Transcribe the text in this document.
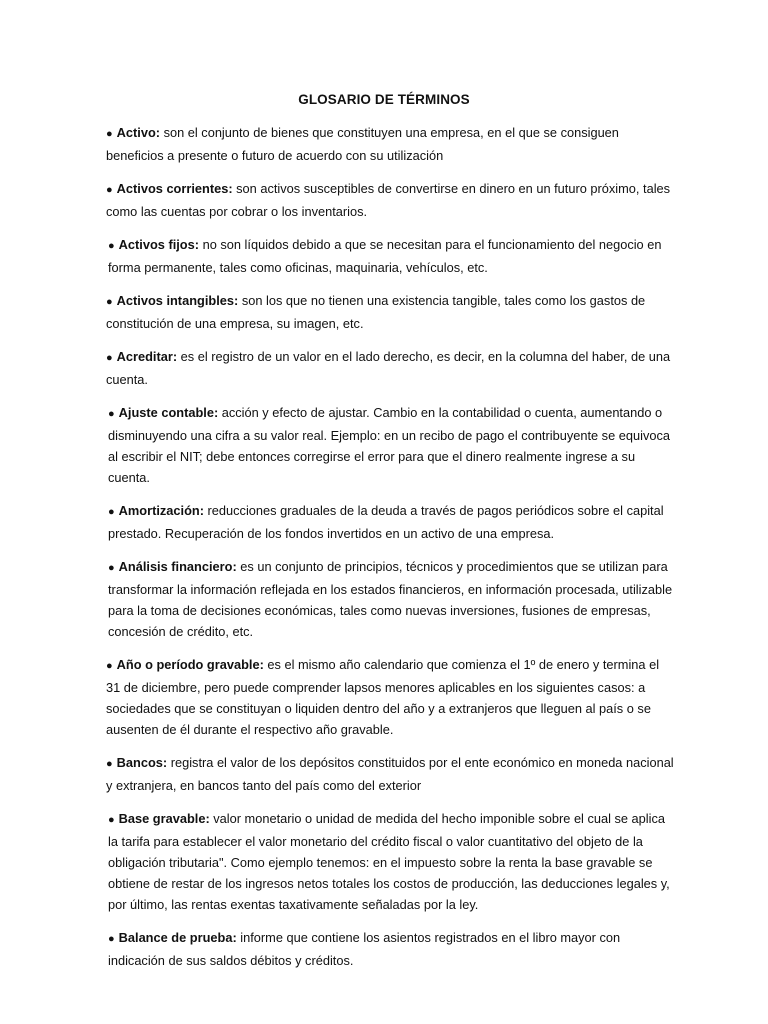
GLOSARIO DE TÉRMINOS

● Activo: son el conjunto de bienes que constituyen una empresa, en el que se consiguen beneficios a presente o futuro de acuerdo con su utilización

● Activos corrientes: son activos susceptibles de convertirse en dinero en un futuro próximo, tales como las cuentas por cobrar o los inventarios.

● Activos fijos: no son líquidos debido a que se necesitan para el funcionamiento del negocio en forma permanente, tales como oficinas, maquinaria, vehículos, etc.

● Activos intangibles: son los que no tienen una existencia tangible, tales como los gastos de constitución de una empresa, su imagen, etc.

● Acreditar: es el registro de un valor en el lado derecho, es decir, en la columna del haber, de una cuenta.

● Ajuste contable: acción y efecto de ajustar. Cambio en la contabilidad o cuenta, aumentando o disminuyendo una cifra a su valor real. Ejemplo: en un recibo de pago el contribuyente se equivoca al escribir el NIT; debe entonces corregirse el error para que el dinero realmente ingrese a su cuenta.

● Amortización: reducciones graduales de la deuda a través de pagos periódicos sobre el capital prestado. Recuperación de los fondos invertidos en un activo de una empresa.

● Análisis financiero: es un conjunto de principios, técnicos y procedimientos que se utilizan para transformar la información reflejada en los estados financieros, en información procesada, utilizable para la toma de decisiones económicas, tales como nuevas inversiones, fusiones de empresas, concesión de crédito, etc.

● Año o período gravable: es el mismo año calendario que comienza el 1º de enero y termina el 31 de diciembre, pero puede comprender lapsos menores aplicables en los siguientes casos: a sociedades que se constituyan o liquiden dentro del año y a extranjeros que lleguen al país o se ausenten de él durante el respectivo año gravable.

● Bancos: registra el valor de los depósitos constituidos por el ente económico en moneda nacional y extranjera, en bancos tanto del país como del exterior

● Base gravable: valor monetario o unidad de medida del hecho imponible sobre el cual se aplica la tarifa para establecer el valor monetario del crédito fiscal o valor cuantitativo del objeto de la obligación tributaria". Como ejemplo tenemos: en el impuesto sobre la renta la base gravable se obtiene de restar de los ingresos netos totales los costos de producción, las deducciones legales y, por último, las rentas exentas taxativamente señaladas por la ley.

● Balance de prueba: informe que contiene los asientos registrados en el libro mayor con indicación de sus saldos débitos y créditos.
